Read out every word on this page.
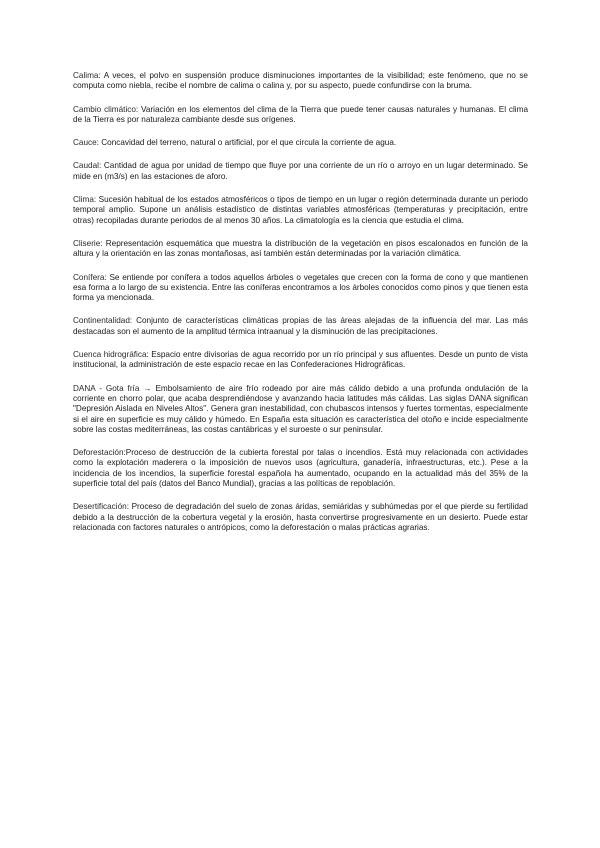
Calima: A veces, el polvo en suspensión produce disminuciones importantes de la visibilidad; este fenómeno, que no se computa como niebla, recibe el nombre de calima o calina y, por su aspecto, puede confundirse con la bruma.

Cambio climático: Variación en los elementos del clima de la Tierra que puede tener causas naturales y humanas. El clima de la Tierra es por naturaleza cambiante desde sus orígenes.

Cauce: Concavidad del terreno, natural o artificial, por el que circula la corriente de agua.

Caudal: Cantidad de agua por unidad de tiempo que fluye por una corriente de un río o arroyo en un lugar determinado. Se mide en (m3/s) en las estaciones de aforo.

Clima: Sucesión habitual de los estados atmosféricos o tipos de tiempo en un lugar o región determinada durante un periodo temporal amplio. Supone un análisis estadístico de distintas variables atmosféricas (temperaturas y precipitación, entre otras) recopiladas durante periodos de al menos 30 años. La climatología es la ciencia que estudia el clima.

Cliserie: Representación esquemática que muestra la distribución de la vegetación en pisos escalonados en función de la altura y la orientación en las zonas montañosas, así también están determinadas por la variación climática.

Conífera: Se entiende por conífera a todos aquellos árboles o vegetales que crecen con la forma de cono y que mantienen esa forma a lo largo de su existencia. Entre las coníferas encontramos a los árboles conocidos como pinos y que tienen esta forma ya mencionada.

Continentalidad: Conjunto de características climáticas propias de las áreas alejadas de la influencia del mar. Las más destacadas son el aumento de la amplitud térmica intraanual y la disminución de las precipitaciones.

Cuenca hidrográfica: Espacio entre divisorias de agua recorrido por un río principal y sus afluentes. Desde un punto de vista institucional, la administración de este espacio recae en las Confederaciones Hidrográficas.

DANA - Gota fría → Embolsamiento de aire frío rodeado por aire más cálido debido a una profunda ondulación de la corriente en chorro polar, que acaba desprendiéndose y avanzando hacia latitudes más cálidas. Las siglas DANA significan "Depresión Aislada en Niveles Altos". Genera gran inestabilidad, con chubascos intensos y fuertes tormentas, especialmente si el aire en superficie es muy cálido y húmedo. En España esta situación es característica del otoño e incide especialmente sobre las costas mediterráneas, las costas cantábricas y el suroeste o sur peninsular.

Deforestación:Proceso de destrucción de la cubierta forestal por talas o incendios. Está muy relacionada con actividades como la explotación maderera o la imposición de nuevos usos (agricultura, ganadería, infraestructuras, etc.). Pese a la incidencia de los incendios, la superficie forestal española ha aumentado, ocupando en la actualidad más del 35% de la superficie total del país (datos del Banco Mundial), gracias a las políticas de repoblación.

Desertificación: Proceso de degradación del suelo de zonas áridas, semiáridas y subhúmedas por el que pierde su fertilidad debido a la destrucción de la cobertura vegetal y la erosión, hasta convertirse progresivamente en un desierto. Puede estar relacionada con factores naturales o antrópicos, como la deforestación o malas prácticas agrarias.
